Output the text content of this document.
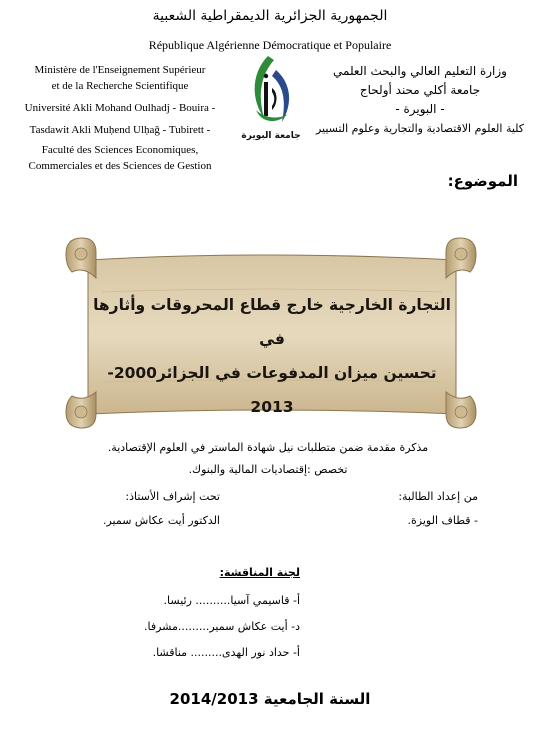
الجمهورية الجزائرية الديمقراطية الشعبية
République Algérienne Démocratique et Populaire
Ministère de l'Enseignement Supérieur
et de la Recherche Scientifique
Université Akli Mohand Oulhadj - Bouira -
Tasdawit Akli Muḥend Ulḥaǧ - Tubirett -
Faculté des Sciences Economiques,
Commerciales et des Sciences de Gestion
جامعة البويرة
وزارة التعليم العالي والبحث العلمي
جامعة أكلي محند أولحاج
- البويرة -
كلية العلوم الاقتصادية والتجارية وعلوم التسيير
الموضوع:
التجارة الخارجية خارج قطاع المحروقات وأثارها في
تحسين ميزان المدفوعات في الجزائر2000-2013
مذكرة مقدمة ضمن متطلبات نيل شهادة الماستر في العلوم الإقتصادية.
تخصص :إقتصاديات المالية والبنوك.
من إعداد الطالبة:
- قطاف الويزة.
تحت إشراف الأستاذ:
الدكتور أيت عكاش سمير.
لجنة المناقشة:
أ- قاسيمي آسيا.......... رئيسا.
د- أيت عكاش سمير.........مشرفا.
أ- حداد نور الهدى......... مناقشا.
السنة الجامعية 2014/2013
